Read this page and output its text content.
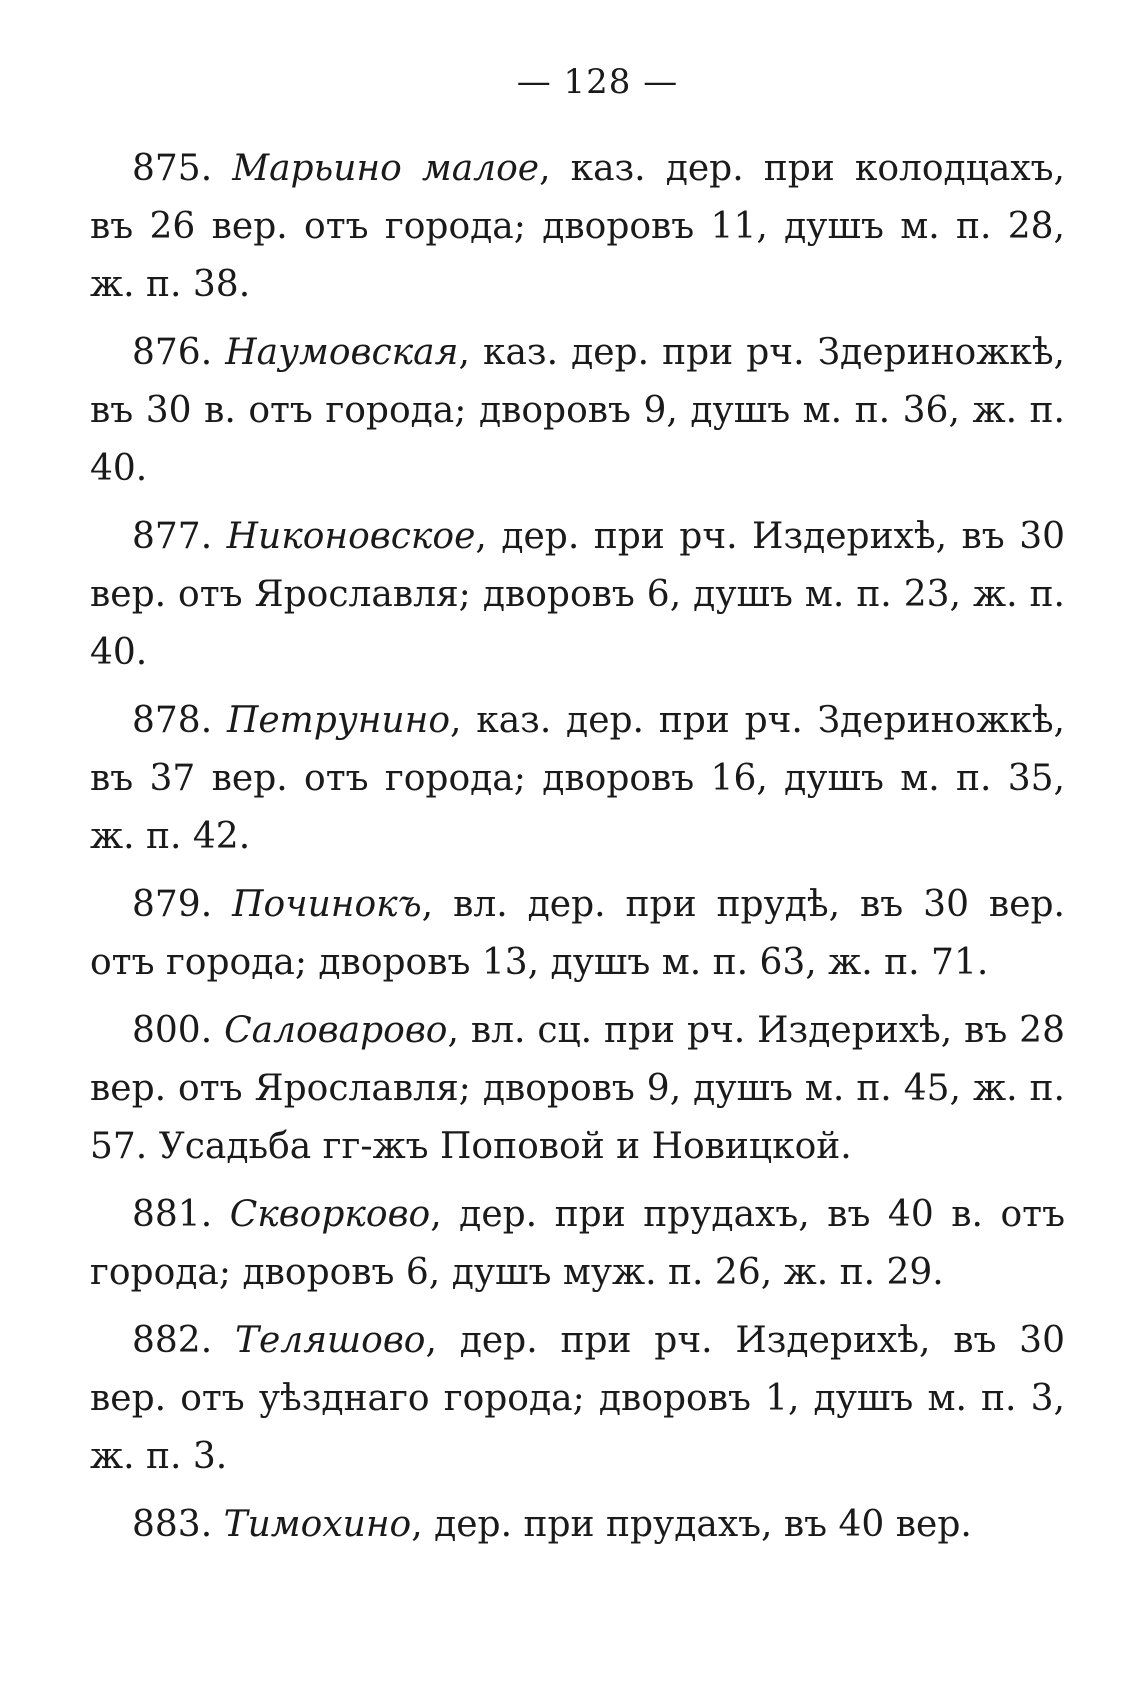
— 128 —

875. Марьино малое, каз. дер. при колодцахъ, въ 26 вер. отъ города; дворовъ 11, душъ м. п. 28, ж. п. 38.

876. Наумовская, каз. дер. при рч. Здериножкѣ, въ 30 в. отъ города; дворовъ 9, душъ м. п. 36, ж. п. 40.

877. Никоновское, дер. при рч. Издерихѣ, въ 30 вер. отъ Ярославля; дворовъ 6, душъ м. п. 23, ж. п. 40.

878. Петрунино, каз. дер. при рч. Здериножкѣ, въ 37 вер. отъ города; дворовъ 16, душъ м. п. 35, ж. п. 42.

879. Починокъ, вл. дер. при прудѣ, въ 30 вер. отъ города; дворовъ 13, душъ м. п. 63, ж. п. 71.

800. Саловарово, вл. сц. при рч. Издерихѣ, въ 28 вер. отъ Ярославля; дворовъ 9, душъ м. п. 45, ж. п. 57. Усадьба гг-жъ Поповой и Новицкой.

881. Скворково, дер. при прудахъ, въ 40 в. отъ города; дворовъ 6, душъ муж. п. 26, ж. п. 29.

882. Теляшово, дер. при рч. Издерихѣ, въ 30 вер. отъ уѣзднаго города; дворовъ 1, душъ м. п. 3, ж. п. 3.

883. Тимохино, дер. при прудахъ, въ 40 вер.
